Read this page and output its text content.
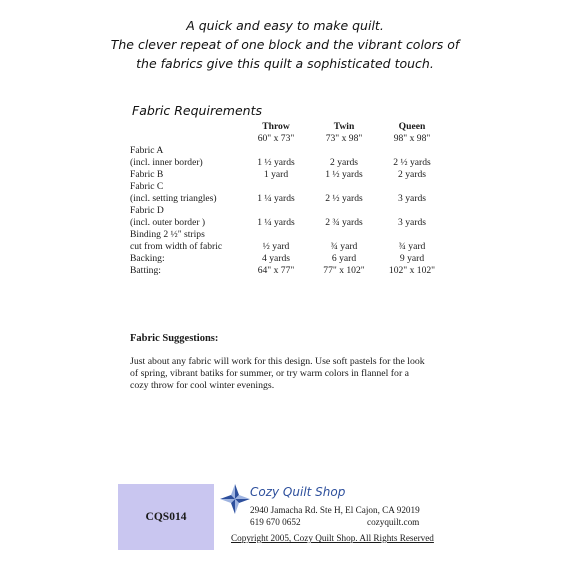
A quick and easy to make quilt.
The clever repeat of one block and the vibrant colors of
the fabrics give this quilt a sophisticated touch.
Fabric Requirements
	Throw	Twin	Queen
	60" x 73"	73" x 98"	98" x 98"
Fabric A			
(incl. inner border)	1 ½ yards	2 yards	2 ½ yards
Fabric B	1 yard	1 ½ yards	2 yards
Fabric C			
(incl. setting triangles)	1 ¼ yards	2 ½ yards	3 yards
Fabric D			
(incl. outer border )	1 ¼ yards	2 ¾ yards	3 yards
Binding 2 ½" strips			
cut from width of fabric	½ yard	¾ yard	¾ yard
Backing:	4 yards	6 yard	9 yard
Batting:	64" x 77"	77" x 102"	102" x 102"
Fabric Suggestions:
Just about any fabric will work for this design. Use soft pastels for the look
of spring, vibrant batiks for summer, or try warm colors in flannel for a
cozy throw for cool winter evenings.
CQS014
Cozy Quilt Shop
2940 Jamacha Rd. Ste H, El Cajon, CA 92019
619 670 0652	cozyquilt.com
Copyright 2005, Cozy Quilt Shop. All Rights Reserved
